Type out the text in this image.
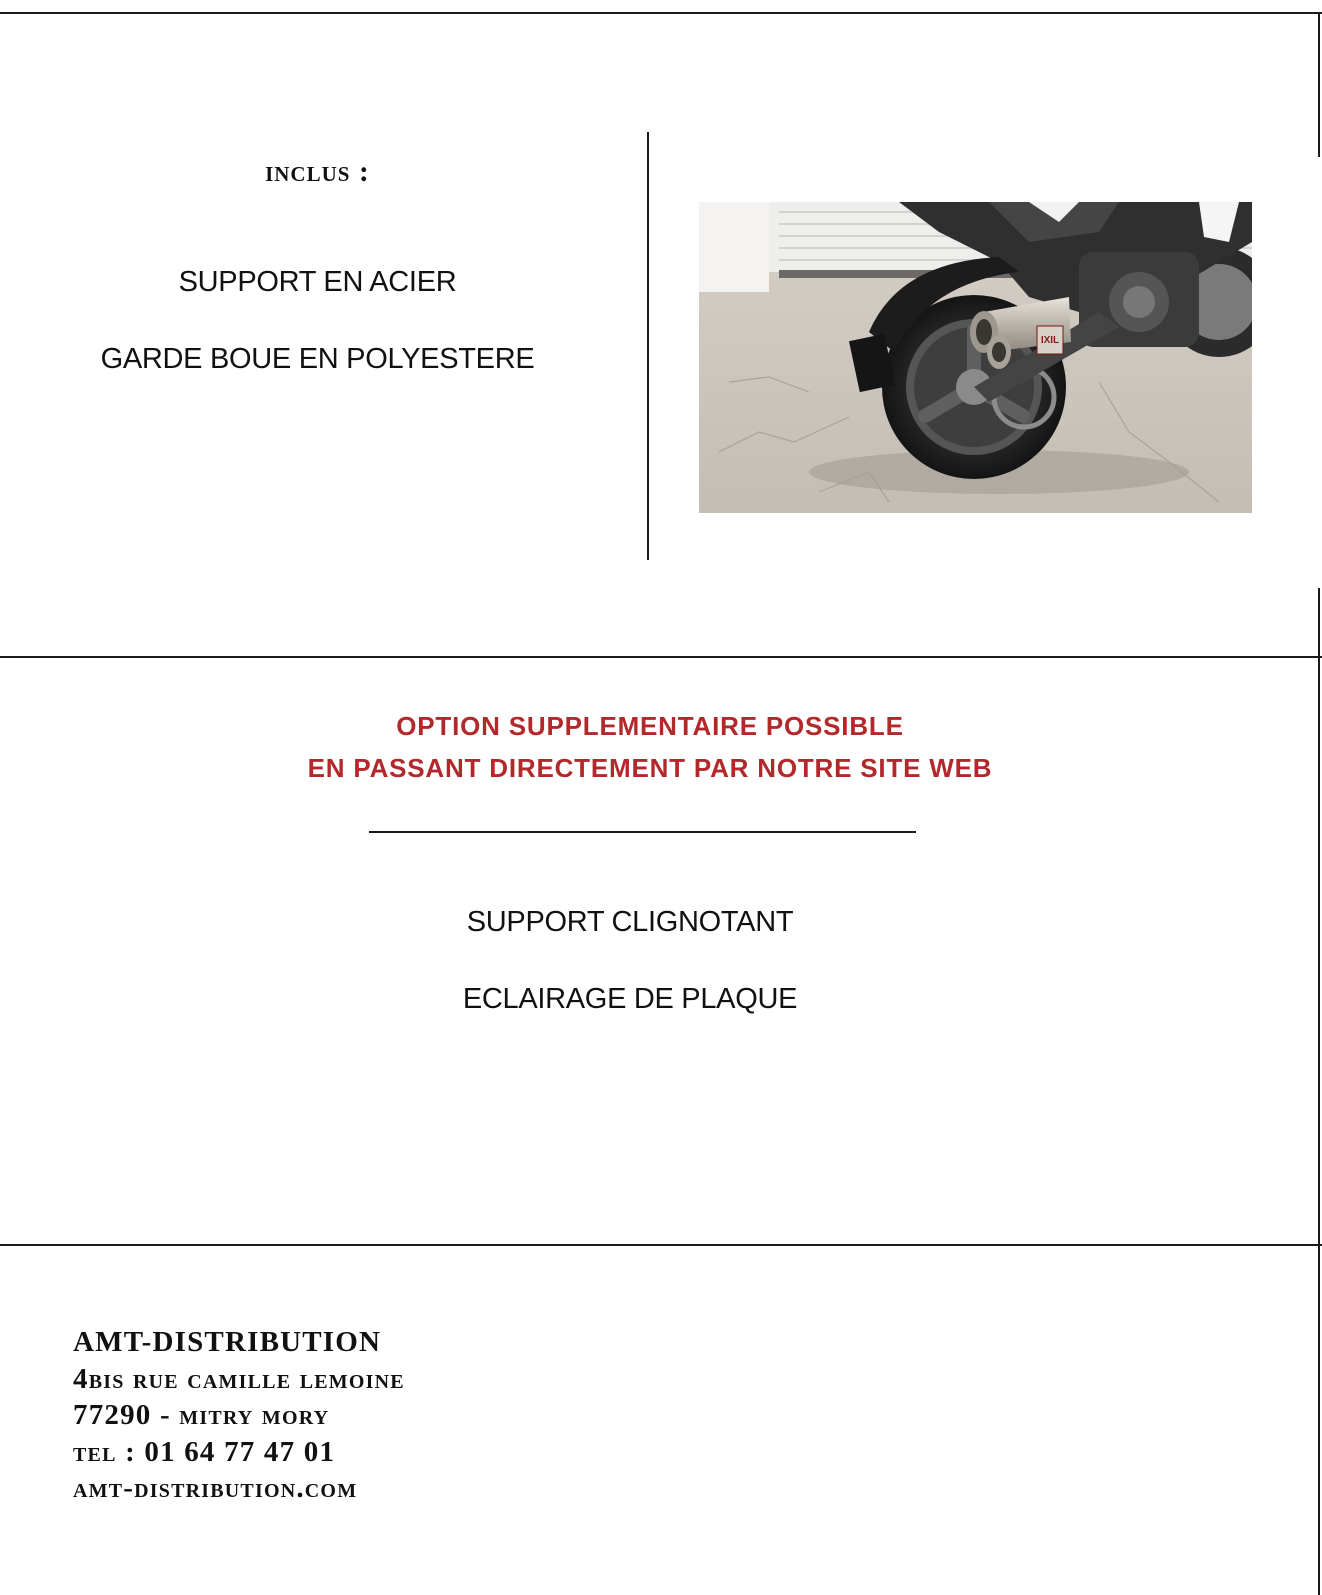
inclus :
SUPPORT EN ACIER
GARDE BOUE EN POLYESTERE
IXIL
OPTION SUPPLEMENTAIRE POSSIBLE
EN PASSANT DIRECTEMENT PAR NOTRE SITE WEB
SUPPORT CLIGNOTANT
ECLAIRAGE DE PLAQUE
AMT-DISTRIBUTION
4bis rue camille lemoine
77290 - mitry mory
tel : 01 64 77 47 01
amt-distribution.com
